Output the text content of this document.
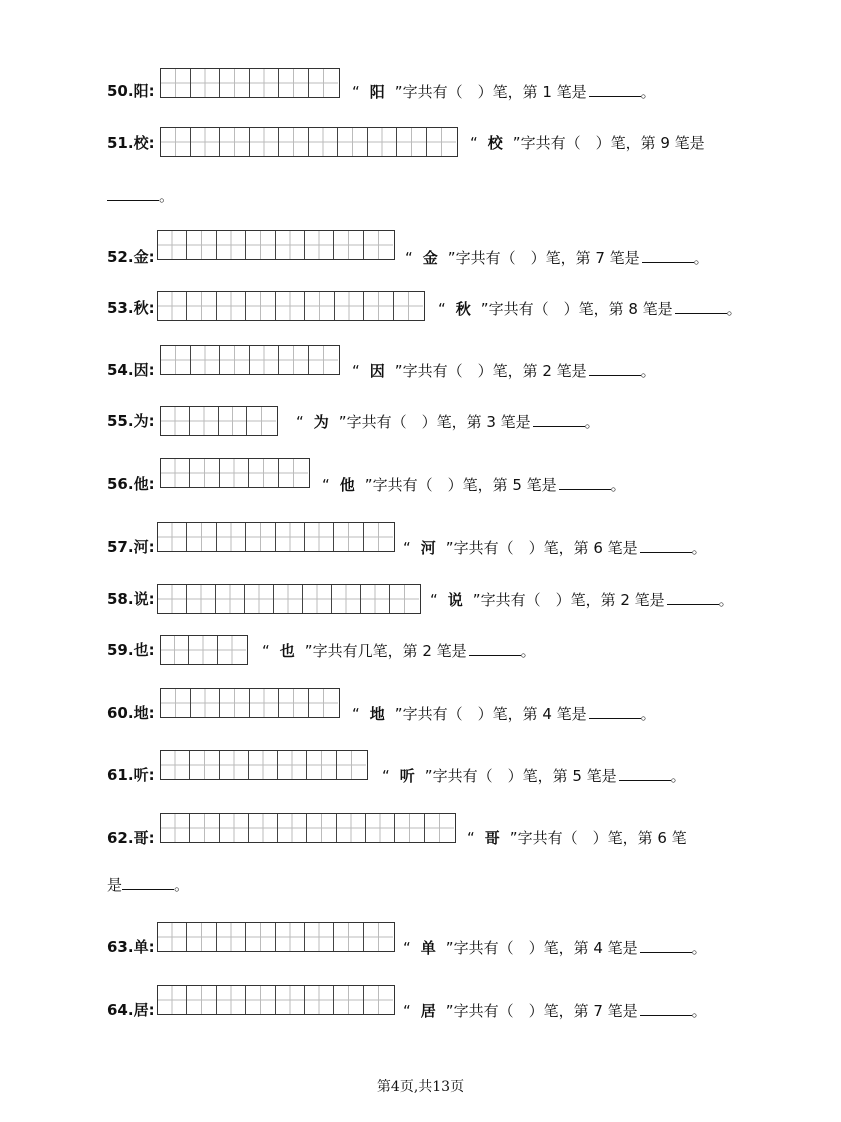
50.阳:	“ 阳 ”字共有（　）笔，第 1 笔是	。
51.校:	“ 校 ”字共有（　）笔，第 9 笔是
。
52.金:	“ 金 ”字共有（　）笔，第 7 笔是	。
53.秋:	“ 秋 ”字共有（　）笔，第 8 笔是	。
54.因:	“ 因 ”字共有（　）笔，第 2 笔是	。
55.为:	“ 为 ”字共有（　）笔，第 3 笔是	。
56.他:	“ 他 ”字共有（　）笔，第 5 笔是	。
57.河:	“ 河 ”字共有（　）笔，第 6 笔是	。
58.说:	“ 说 ”字共有（　）笔，第 2 笔是	。
59.也:	“ 也 ”字共有几笔，第 2 笔是	。
60.地:	“ 地 ”字共有（　）笔，第 4 笔是	。
61.听:	“ 听 ”字共有（　）笔，第 5 笔是	。
62.哥:	“ 哥 ”字共有（　）笔，第 6 笔
是	。
63.单:	“ 单 ”字共有（　）笔，第 4 笔是	。
64.居:	“ 居 ”字共有（　）笔，第 7 笔是	。
第4页,共13页
